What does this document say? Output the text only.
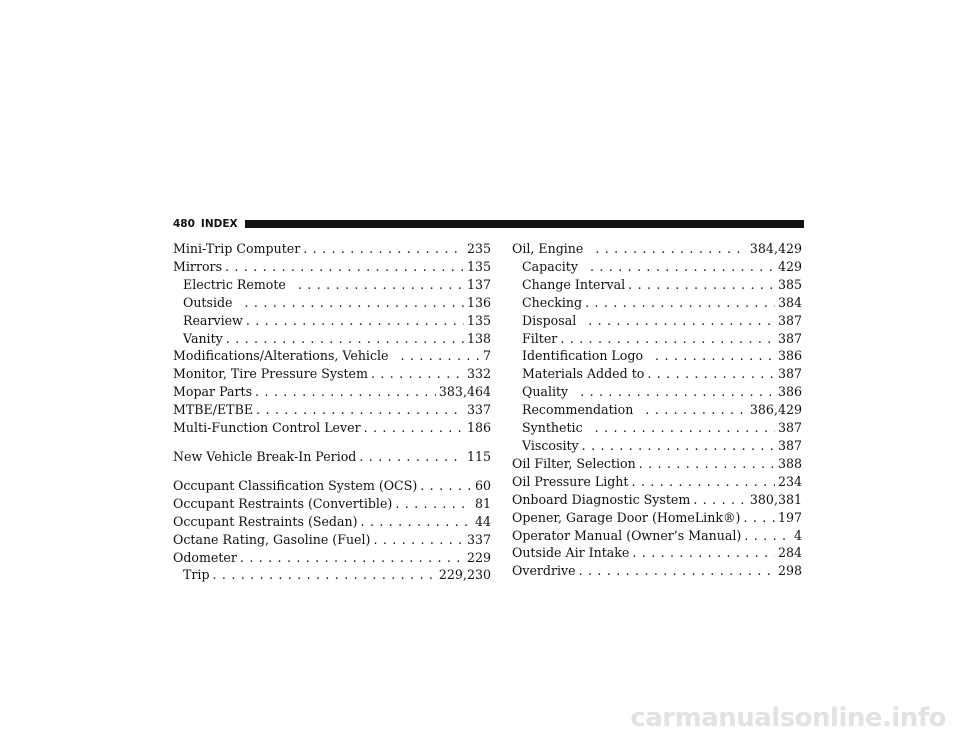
480 INDEX
Mini-Trip Computer . . .	235
Mirrors . . .	135
Electric Remote . . .	137
Outside . . .	136
Rearview . . .	135
Vanity . . .	138
Modifications/Alterations, Vehicle . . .	7
Monitor, Tire Pressure System . . .	332
Mopar Parts . . .	383,464
MTBE/ETBE . . .	337
Multi-Function Control Lever . . .	186
New Vehicle Break-In Period . . .	115
Occupant Classification System (OCS) . . .	60
Occupant Restraints (Convertible) . . .	81
Occupant Restraints (Sedan) . . .	44
Octane Rating, Gasoline (Fuel) . . .	337
Odometer . . .	229
Trip . . .	229,230
Oil, Engine . . .	384,429
Capacity . . .	429
Change Interval . . .	385
Checking . . .	384
Disposal . . .	387
Filter . . .	387
Identification Logo . . .	386
Materials Added to . . .	387
Quality . . .	386
Recommendation . . .	386,429
Synthetic . . .	387
Viscosity . . .	387
Oil Filter, Selection . . .	388
Oil Pressure Light . . .	234
Onboard Diagnostic System . . .	380,381
Opener, Garage Door (HomeLink®) . . .	197
Operator Manual (Owner’s Manual) . . .	4
Outside Air Intake . . .	284
Overdrive . . .	298
carmanualsonline.info
